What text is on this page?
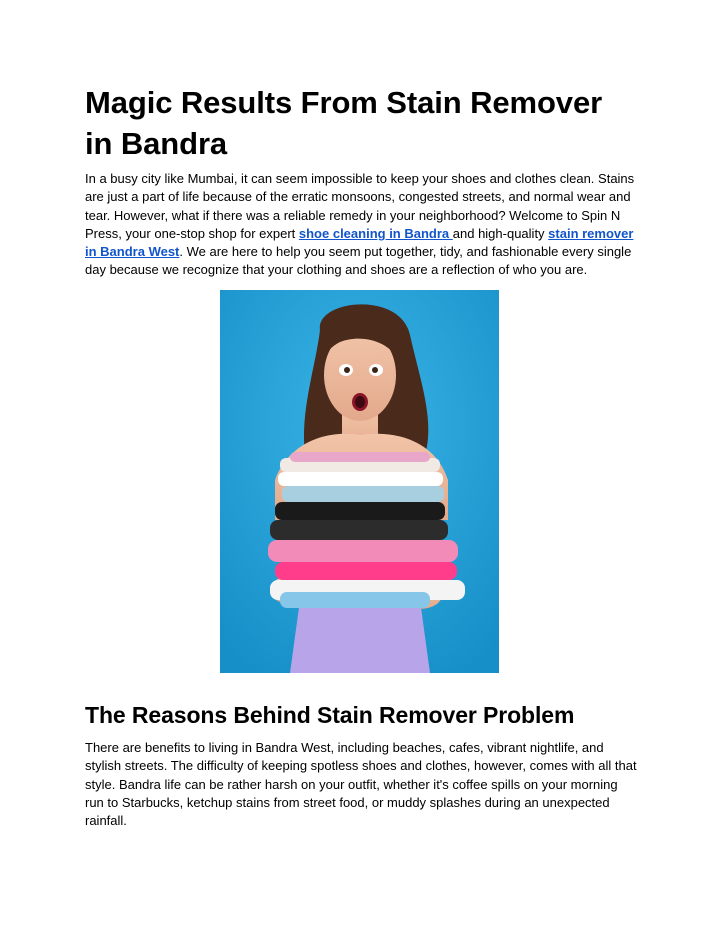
Magic Results From Stain Remover in Bandra

In a busy city like Mumbai, it can seem impossible to keep your shoes and clothes clean. Stains are just a part of life because of the erratic monsoons, congested streets, and normal wear and tear. However, what if there was a reliable remedy in your neighborhood? Welcome to Spin N Press, your one-stop shop for expert shoe cleaning in Bandra and high-quality stain remover in Bandra West. We are here to help you seem put together, tidy, and fashionable every single day because we recognize that your clothing and shoes are a reflection of who you are.

The Reasons Behind Stain Remover Problem

There are benefits to living in Bandra West, including beaches, cafes, vibrant nightlife, and stylish streets. The difficulty of keeping spotless shoes and clothes, however, comes with all that style. Bandra life can be rather harsh on your outfit, whether it's coffee spills on your morning run to Starbucks, ketchup stains from street food, or muddy splashes during an unexpected rainfall.
